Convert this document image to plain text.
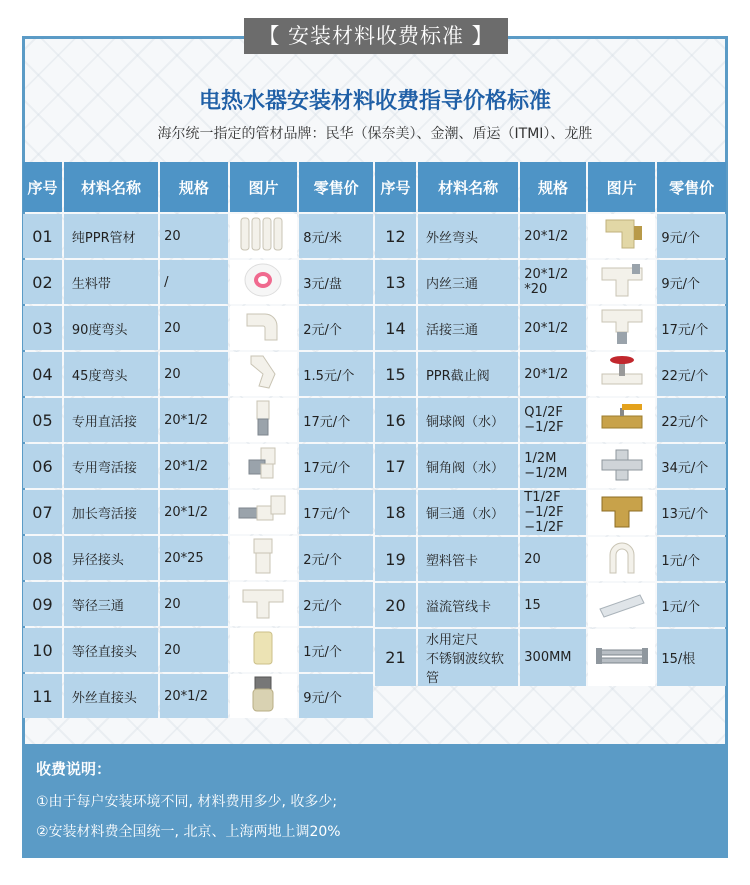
【 安装材料收费标准 】
电热水器安装材料收费指导价格标准
海尔统一指定的管材品牌：民华（保奈美）、金潮、盾运（ITMI）、龙胜
序号	材料名称	规格	图片	零售价
01	纯PPR管材	20		8元/米
02	生料带	/		3元/盘
03	90度弯头	20		2元/个
04	45度弯头	20		1.5元/个
05	专用直活接	20*1/2		17元/个
06	专用弯活接	20*1/2		17元/个
07	加长弯活接	20*1/2		17元/个
08	异径接头	20*25		2元/个
09	等径三通	20		2元/个
10	等径直接头	20		1元/个
11	外丝直接头	20*1/2		9元/个
序号	材料名称	规格	图片	零售价
12	外丝弯头	20*1/2		9元/个
13	内丝三通	20*1/2
*20		9元/个
14	活接三通	20*1/2		17元/个
15	PPR截止阀	20*1/2		22元/个
16	铜球阀（水）	Q1/2F
−1/2F		22元/个
17	铜角阀（水）	1/2M
−1/2M		34元/个
18	铜三通（水）	T1/2F
−1/2F
−1/2F		13元/个
19	塑料管卡	20		1元/个
20	溢流管线卡	15		1元/个
21	水用定尺
不锈钢波纹软管	300MM		15/根
收费说明：
①由于每户安装环境不同, 材料费用多少, 收多少;
②安装材料费全国统一, 北京、上海两地上调20%
